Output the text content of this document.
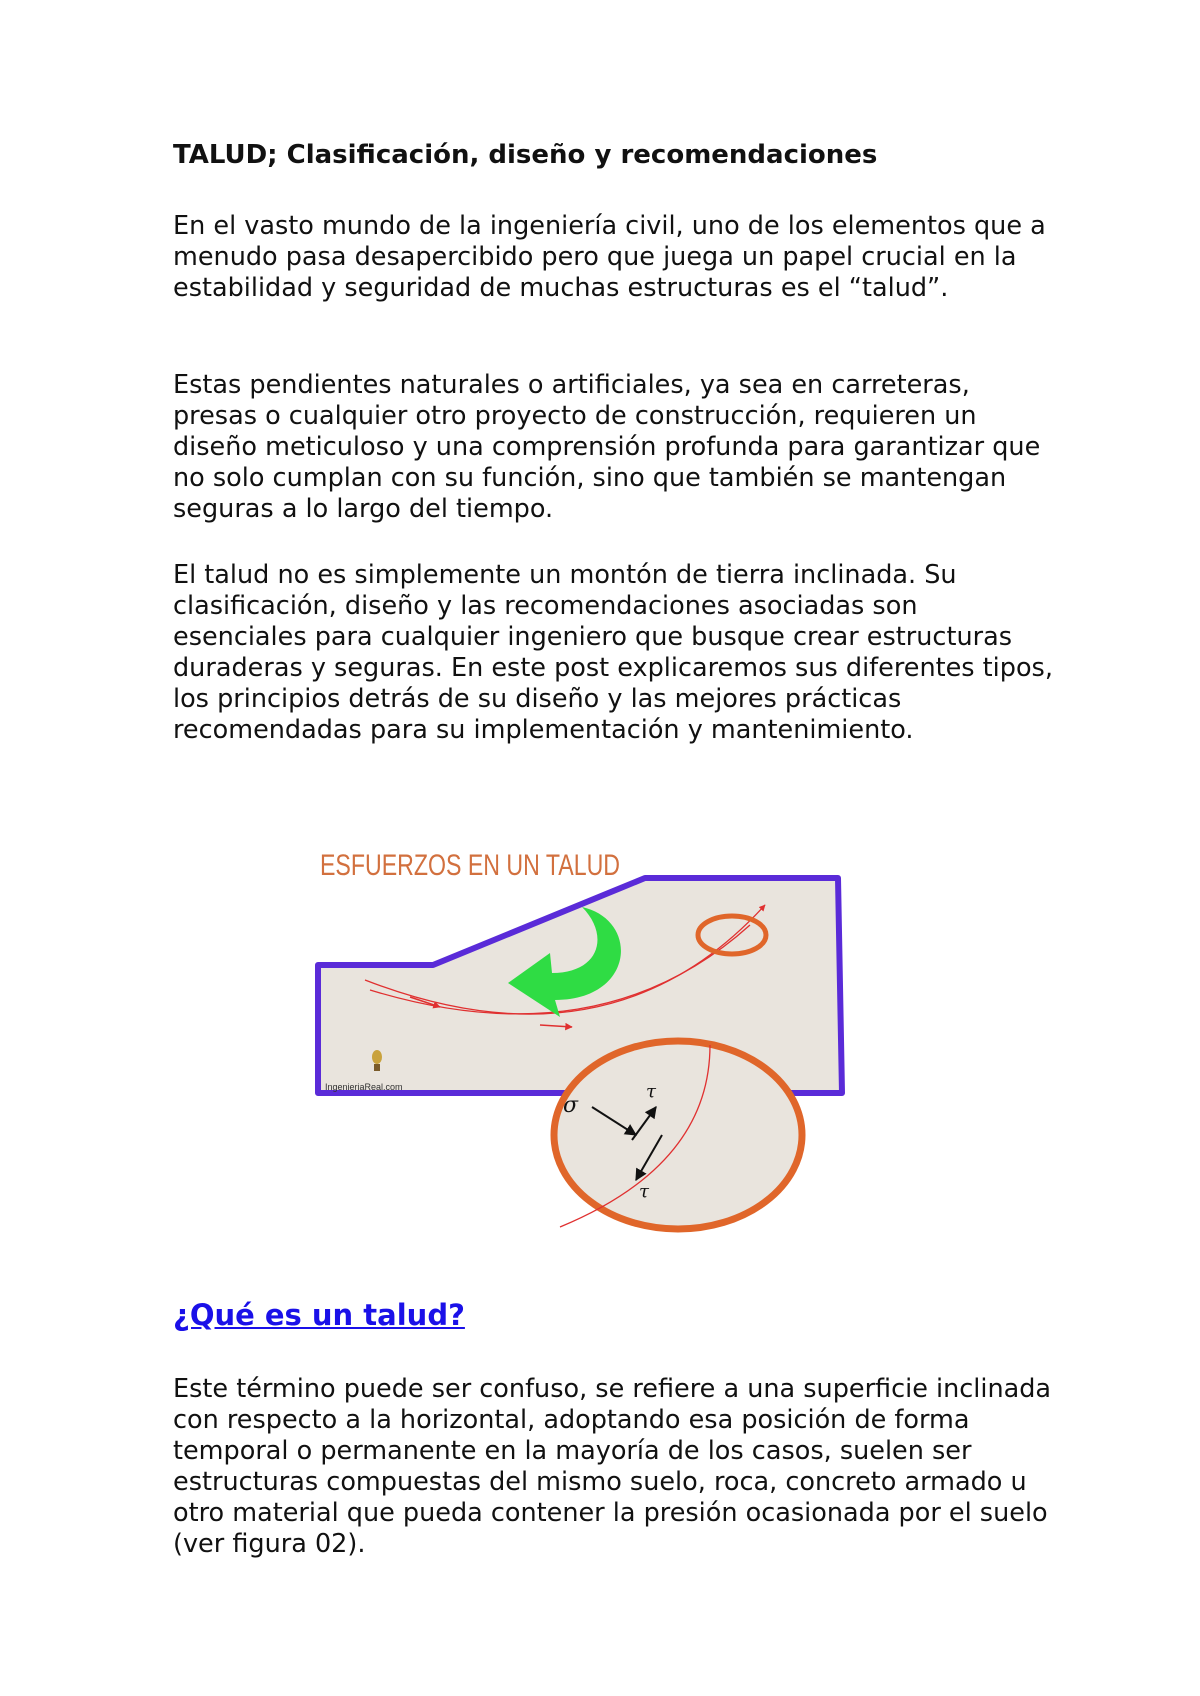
TALUD; Clasificación, diseño y recomendaciones

En el vasto mundo de la ingeniería civil, uno de los elementos que a menudo pasa desapercibido pero que juega un papel crucial en la estabilidad y seguridad de muchas estructuras es el “talud”.

Estas pendientes naturales o artificiales, ya sea en carreteras, presas o cualquier otro proyecto de construcción, requieren un diseño meticuloso y una comprensión profunda para garantizar que no solo cumplan con su función, sino que también se mantengan seguras a lo largo del tiempo.

El talud no es simplemente un montón de tierra inclinada. Su clasificación, diseño y las recomendaciones asociadas son esenciales para cualquier ingeniero que busque crear estructuras duraderas y seguras. En este post explicaremos sus diferentes tipos, los principios detrás de su diseño y las mejores prácticas recomendadas para su implementación y mantenimiento.

¿Qué es un talud?

Este término puede ser confuso, se refiere a una superficie inclinada con respecto a la horizontal, adoptando esa posición de forma temporal o permanente en la mayoría de los casos, suelen ser estructuras compuestas del mismo suelo, roca, concreto armado u otro material que pueda contener la presión ocasionada por el suelo (ver figura 02).

ESFUERZOS EN UN TALUD
IngenieriaReal.com
σ
τ
τ
